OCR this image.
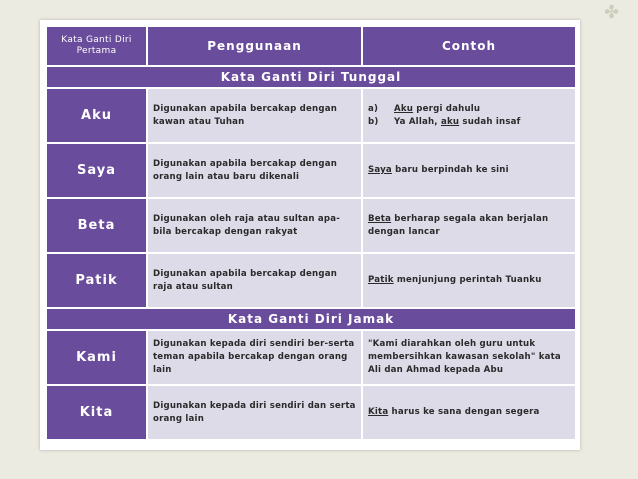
✤
Kata Ganti Diri Pertama	Penggunaan	Contoh
Kata Ganti Diri Tunggal		
Aku	Digunakan apabila bercakap dengan kawan atau Tuhan	a) Aku pergi dahulu
b) Ya Allah, aku sudah insaf

Saya	Digunakan apabila bercakap dengan orang lain atau baru dikenali	Saya baru berpindah ke sini
Beta	Digunakan oleh raja atau sultan apa-bila bercakap dengan rakyat	Beta berharap segala akan berjalan dengan lancar
Patik	Digunakan apabila bercakap dengan raja atau sultan	Patik menjunjung perintah Tuanku
Kata Ganti Diri Jamak		
Kami	Digunakan kepada diri sendiri ber-serta teman apabila bercakap dengan orang lain	"Kami diarahkan oleh guru untuk membersihkan kawasan sekolah" kata Ali dan Ahmad kepada Abu
Kita	Digunakan kepada diri sendiri dan serta orang lain	Kita harus ke sana dengan segera
